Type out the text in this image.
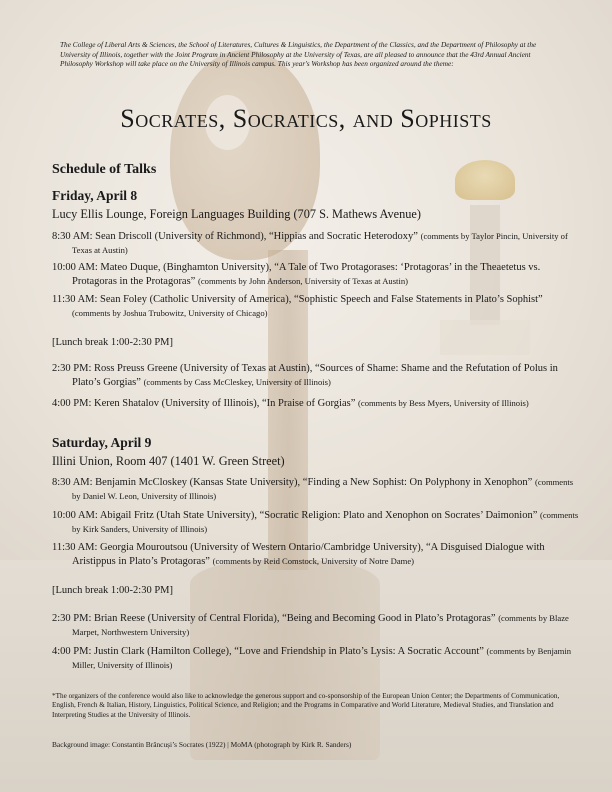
The College of Liberal Arts & Sciences, the School of Literatures, Cultures & Linguistics, the Department of the Classics, and the Department of Philosophy at the University of Illinois, together with the Joint Program in Ancient Philosophy at the University of Texas, are all pleased to announce that the 43rd Annual Ancient Philosophy Workshop will take place on the University of Illinois campus. This year's Workshop has been organized around the theme:
Socrates, Socratics, and Sophists
Schedule of Talks
Friday, April 8
Lucy Ellis Lounge, Foreign Languages Building (707 S. Mathews Avenue)
8:30 AM: Sean Driscoll (University of Richmond), “Hippias and Socratic Heterodoxy” (comments by Taylor Pincin, University of Texas at Austin)
10:00 AM: Mateo Duque, (Binghamton University), “A Tale of Two Protagorases: ‘Protagoras’ in the Theaetetus vs. Protagoras in the Protagoras” (comments by John Anderson, University of Texas at Austin)
11:30 AM: Sean Foley (Catholic University of America), “Sophistic Speech and False Statements in Plato’s Sophist” (comments by Joshua Trubowitz, University of Chicago)
[Lunch break 1:00-2:30 PM]
2:30 PM: Ross Preuss Greene (University of Texas at Austin), “Sources of Shame: Shame and the Refutation of Polus in Plato’s Gorgias” (comments by Cass McCleskey, University of Illinois)
4:00 PM: Keren Shatalov (University of Illinois), “In Praise of Gorgias” (comments by Bess Myers, University of Illinois)
Saturday, April 9
Illini Union, Room 407 (1401 W. Green Street)
8:30 AM: Benjamin McCloskey (Kansas State University), “Finding a New Sophist: On Polyphony in Xenophon” (comments by Daniel W. Leon, University of Illinois)
10:00 AM: Abigail Fritz (Utah State University), “Socratic Religion: Plato and Xenophon on Socrates’ Daimonion” (comments by Kirk Sanders, University of Illinois)
11:30 AM: Georgia Mouroutsou (University of Western Ontario/Cambridge University), “A Disguised Dialogue with Aristippus in Plato’s Protagoras” (comments by Reid Comstock, University of Notre Dame)
[Lunch break 1:00-2:30 PM]
2:30 PM: Brian Reese (University of Central Florida), “Being and Becoming Good in Plato’s Protagoras” (comments by Blaze Marpet, Northwestern University)
4:00 PM: Justin Clark (Hamilton College), “Love and Friendship in Plato’s Lysis: A Socratic Account” (comments by Benjamin Miller, University of Illinois)
*The organizers of the conference would also like to acknowledge the generous support and co-sponsorship of the European Union Center; the Departments of Communication, English, French & Italian, History, Linguistics, Political Science, and Religion; and the Programs in Comparative and World Literature, Medieval Studies, and Translation and Interpreting Studies at the University of Illinois.
Background image: Constantin Brâncuși’s Socrates (1922) | MoMA (photograph by Kirk R. Sanders)
